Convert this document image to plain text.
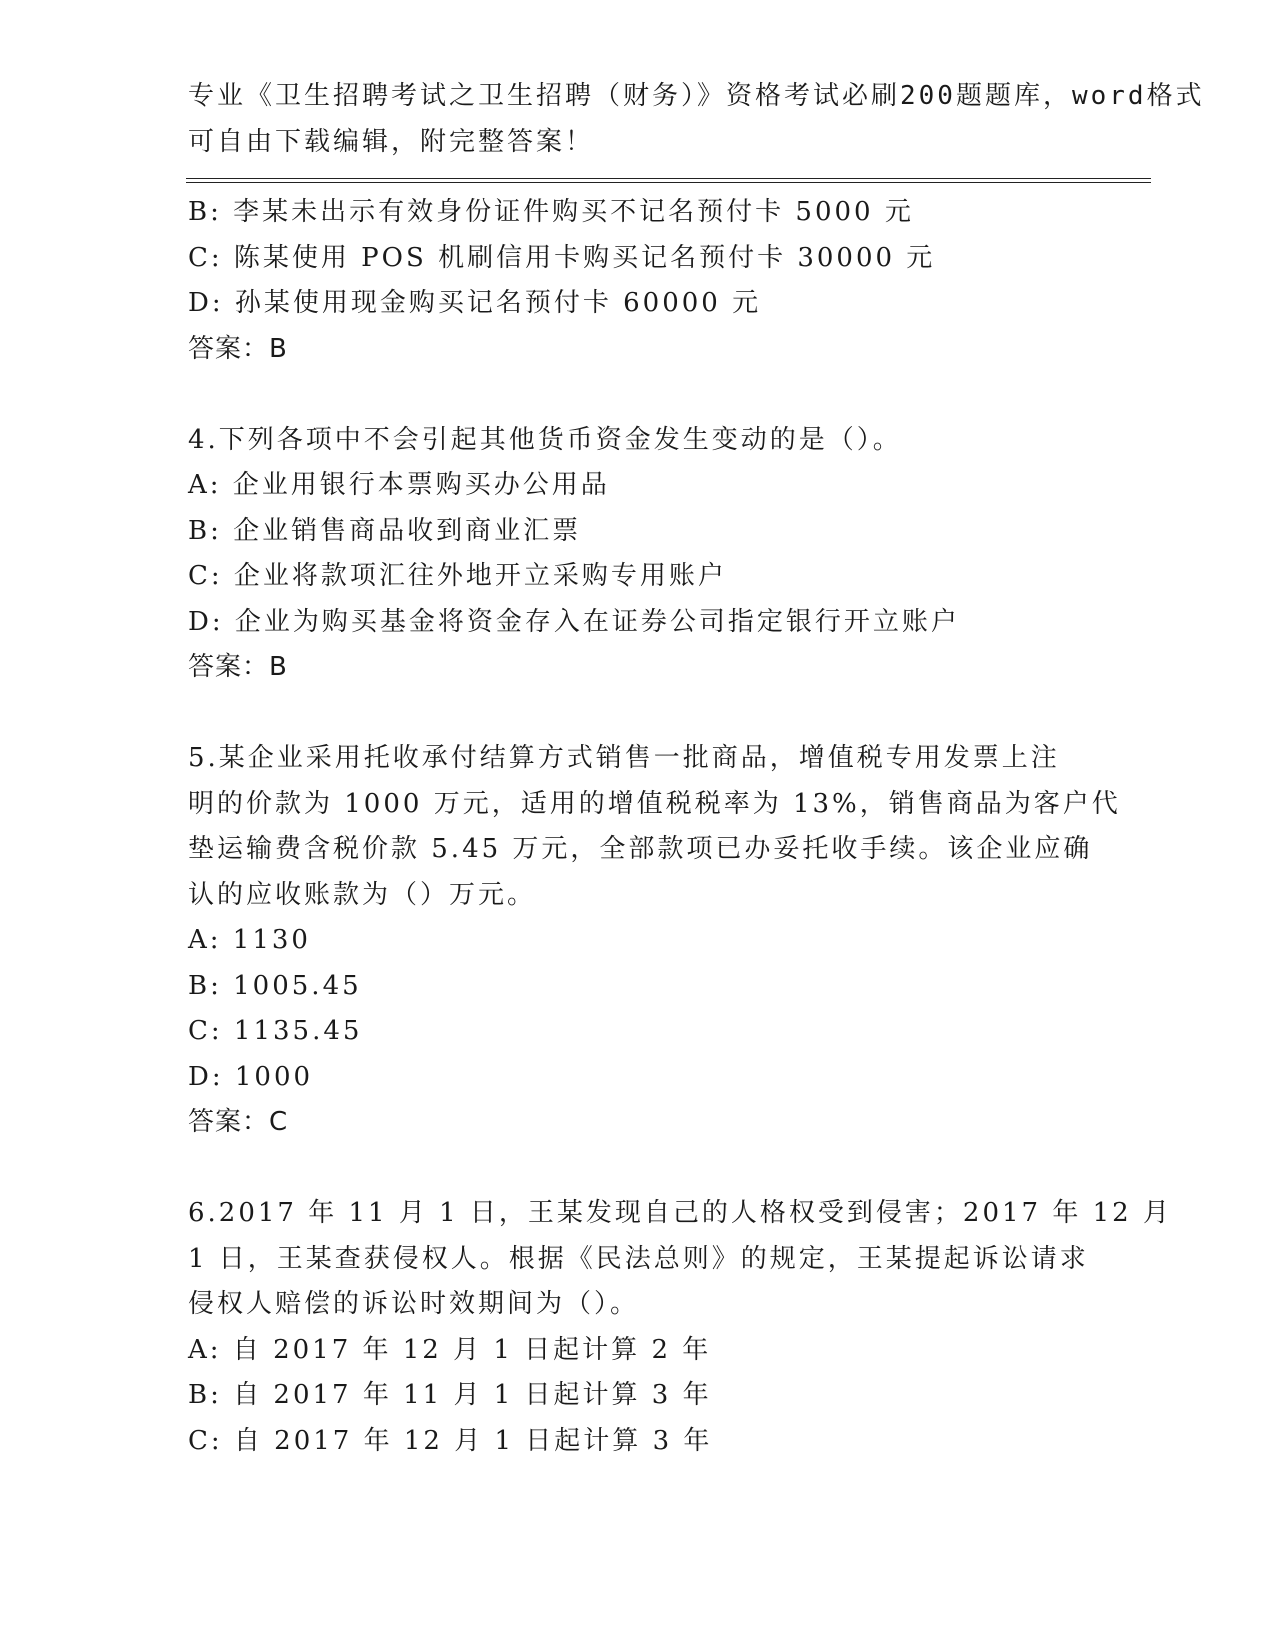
专业《卫生招聘考试之卫生招聘（财务）》资格考试必刷200题题库，word格式
可自由下载编辑，附完整答案！
B: 李某未出示有效身份证件购买不记名预付卡 5000 元
C: 陈某使用 POS 机刷信用卡购买记名预付卡 30000 元
D: 孙某使用现金购买记名预付卡 60000 元
答案：B
4.下列各项中不会引起其他货币资金发生变动的是（）。
A: 企业用银行本票购买办公用品
B: 企业销售商品收到商业汇票
C: 企业将款项汇往外地开立采购专用账户
D: 企业为购买基金将资金存入在证券公司指定银行开立账户
答案：B
5.某企业采用托收承付结算方式销售一批商品，增值税专用发票上注
明的价款为 1000 万元，适用的增值税税率为 13%，销售商品为客户代
垫运输费含税价款 5.45 万元，全部款项已办妥托收手续。该企业应确
认的应收账款为（）万元。
A: 1130
B: 1005.45
C: 1135.45
D: 1000
答案：C
6.2017 年 11 月 1 日，王某发现自己的人格权受到侵害；2017 年 12 月
1 日，王某查获侵权人。根据《民法总则》的规定，王某提起诉讼请求
侵权人赔偿的诉讼时效期间为（）。
A: 自 2017 年 12 月 1 日起计算 2 年
B: 自 2017 年 11 月 1 日起计算 3 年
C: 自 2017 年 12 月 1 日起计算 3 年
